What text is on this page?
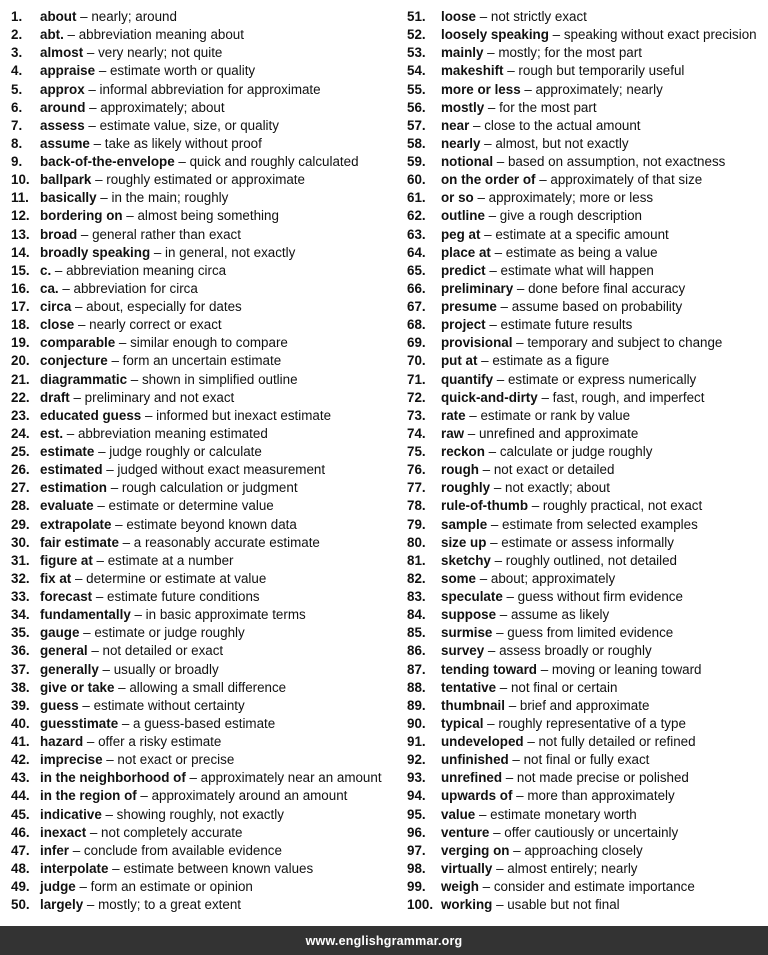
1.	about – nearly; around
2.	abt. – abbreviation meaning about
3.	almost – very nearly; not quite
4.	appraise – estimate worth or quality
5.	approx – informal abbreviation for approximate
6.	around – approximately; about
7.	assess – estimate value, size, or quality
8.	assume – take as likely without proof
9.	back-of-the-envelope – quick and roughly calculated
10. ballpark – roughly estimated or approximate
11. basically – in the main; roughly
12. bordering on – almost being something
13. broad – general rather than exact
14. broadly speaking – in general, not exactly
15. c. – abbreviation meaning circa
16. ca. – abbreviation for circa
17. circa – about, especially for dates
18. close – nearly correct or exact
19. comparable – similar enough to compare
20. conjecture – form an uncertain estimate
21. diagrammatic – shown in simplified outline
22. draft – preliminary and not exact
23. educated guess – informed but inexact estimate
24. est. – abbreviation meaning estimated
25. estimate – judge roughly or calculate
26. estimated – judged without exact measurement
27. estimation – rough calculation or judgment
28. evaluate – estimate or determine value
29. extrapolate – estimate beyond known data
30. fair estimate – a reasonably accurate estimate
31. figure at – estimate at a number
32. fix at – determine or estimate at value
33. forecast – estimate future conditions
34. fundamentally – in basic approximate terms
35. gauge – estimate or judge roughly
36. general – not detailed or exact
37. generally – usually or broadly
38. give or take – allowing a small difference
39. guess – estimate without certainty
40. guesstimate – a guess-based estimate
41. hazard – offer a risky estimate
42. imprecise – not exact or precise
43. in the neighborhood of – approximately near an amount
44. in the region of – approximately around an amount
45. indicative – showing roughly, not exactly
46. inexact – not completely accurate
47. infer – conclude from available evidence
48. interpolate – estimate between known values
49. judge – form an estimate or opinion
50. largely – mostly; to a great extent
51.	loose – not strictly exact
52.	loosely speaking – speaking without exact precision
53.	mainly – mostly; for the most part
54.	makeshift – rough but temporarily useful
55.	more or less – approximately; nearly
56.	mostly – for the most part
57.	near – close to the actual amount
58.	nearly – almost, but not exactly
59.	notional – based on assumption, not exactness
60.	on the order of – approximately of that size
61.	or so – approximately; more or less
62.	outline – give a rough description
63.	peg at – estimate at a specific amount
64.	place at – estimate as being a value
65.	predict – estimate what will happen
66.	preliminary – done before final accuracy
67.	presume – assume based on probability
68.	project – estimate future results
69.	provisional – temporary and subject to change
70.	put at – estimate as a figure
71.	quantify – estimate or express numerically
72.	quick-and-dirty – fast, rough, and imperfect
73.	rate – estimate or rank by value
74.	raw – unrefined and approximate
75.	reckon – calculate or judge roughly
76.	rough – not exact or detailed
77.	roughly – not exactly; about
78.	rule-of-thumb – roughly practical, not exact
79.	sample – estimate from selected examples
80.	size up – estimate or assess informally
81.	sketchy – roughly outlined, not detailed
82.	some – about; approximately
83.	speculate – guess without firm evidence
84.	suppose – assume as likely
85.	surmise – guess from limited evidence
86.	survey – assess broadly or roughly
87.	tending toward – moving or leaning toward
88.	tentative – not final or certain
89.	thumbnail – brief and approximate
90.	typical – roughly representative of a type
91.	undeveloped – not fully detailed or refined
92.	unfinished – not final or fully exact
93.	unrefined – not made precise or polished
94.	upwards of – more than approximately
95.	value – estimate monetary worth
96.	venture – offer cautiously or uncertainly
97.	verging on – approaching closely
98.	virtually – almost entirely; nearly
99.	weigh – consider and estimate importance
100. working – usable but not final
www.englishgrammar.org
